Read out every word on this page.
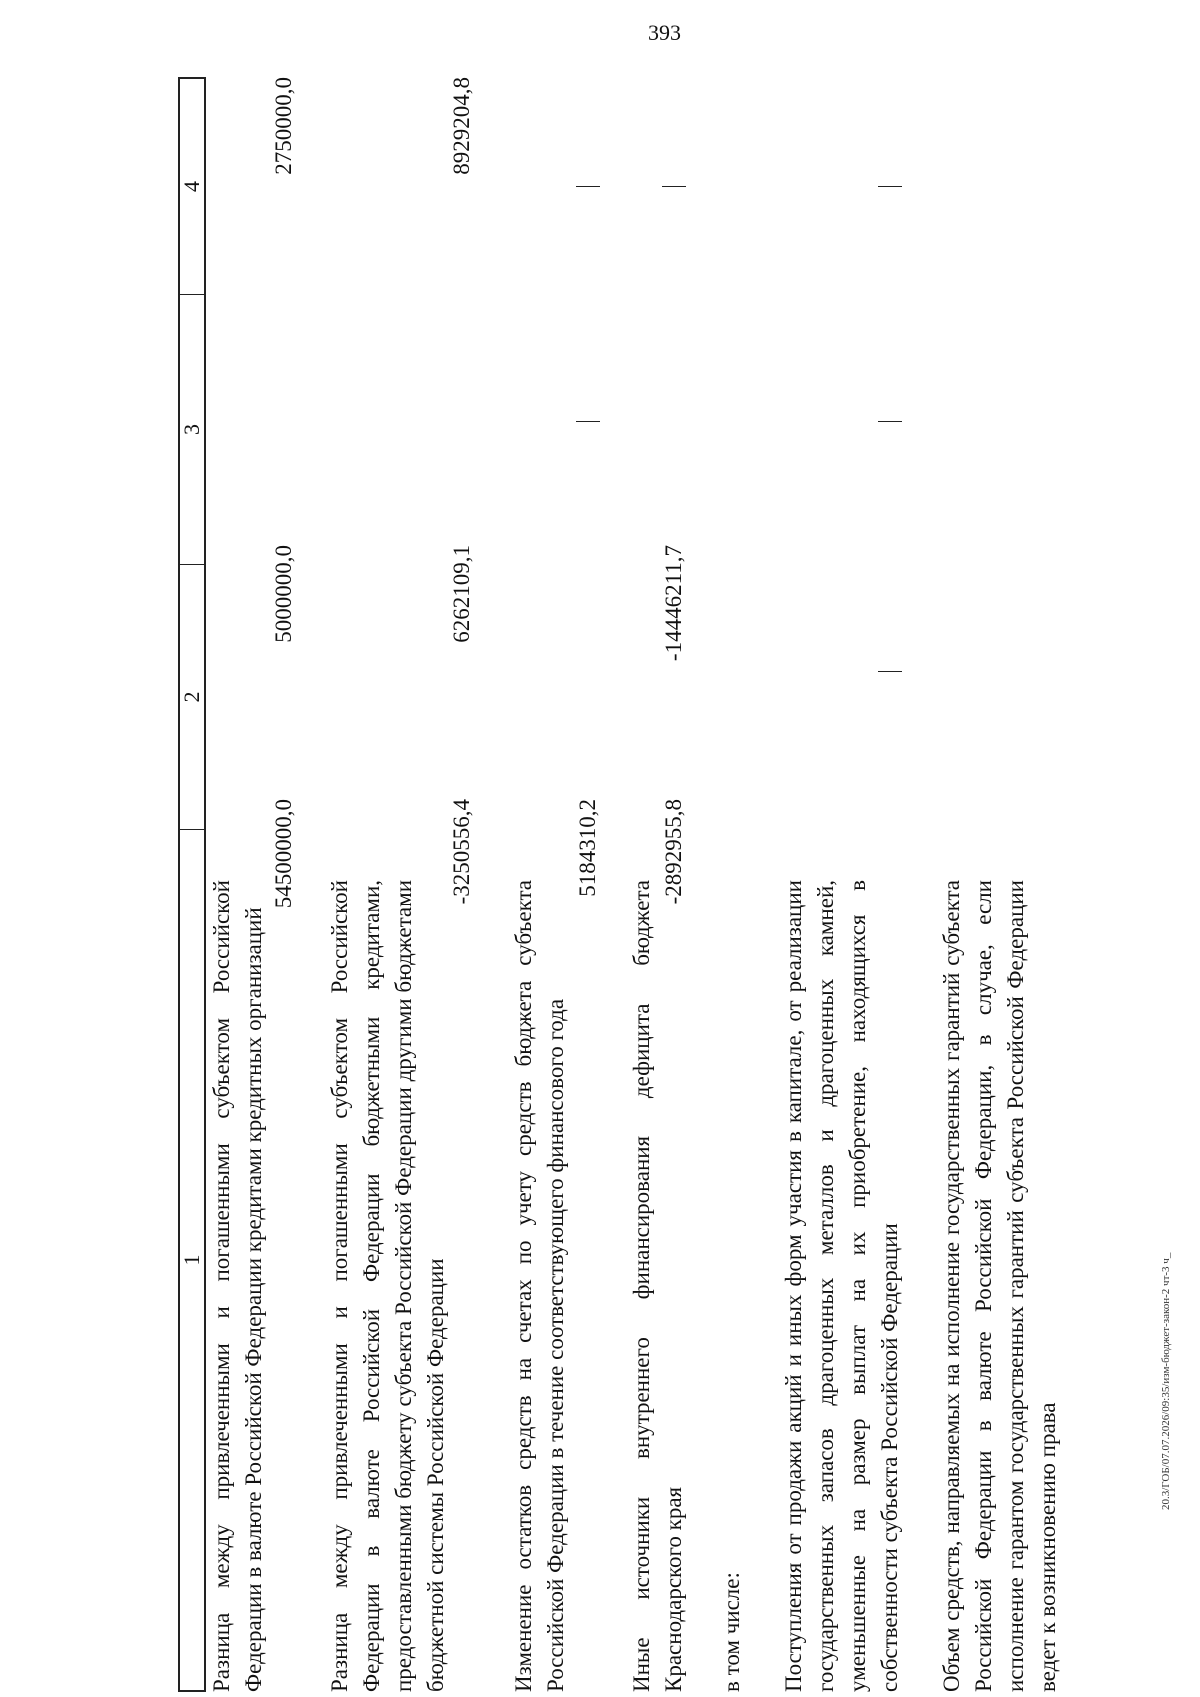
393
20.3/ГОБ/07.07.2026/09:35/изм-бюджет-закон-2 чт-3 ч_
1
2
3
4
Разница между привлеченными и погашенными субъектом Российской Федерации в валюте Российской Федерации кредитами кредитных организаций
54500000,0
5000000,0
2750000,0
Разница между привлеченными и погашенными субъектом Российской Федерации в валюте Российской Федерации бюджетными кредитами, предоставленными бюджету субъекта Российской Федерации другими бюджетами бюджетной системы Российской Федерации
-3250556,4
6262109,1
8929204,8
Изменение остатков средств на счетах по учету средств бюджета субъекта Российской Федерации в течение соответствующего финансового года
5184310,2
Иные источники внутреннего финансирования дефицита бюджета Краснодарского края
-2892955,8
-14446211,7
в том числе: Поступления от продажи акций и иных форм участия в капитале, от реализации государственных запасов драгоценных металлов и драгоценных камней, уменьшенные на размер выплат на их приобретение, находящихся в собственности субъекта Российской Федерации Объем средств, направляемых на исполнение государственных гарантий субъекта Российской Федерации в валюте Российской Федерации, в случае, если исполнение гарантом государственных гарантий субъекта Российской Федерации ведет к возникновению права
